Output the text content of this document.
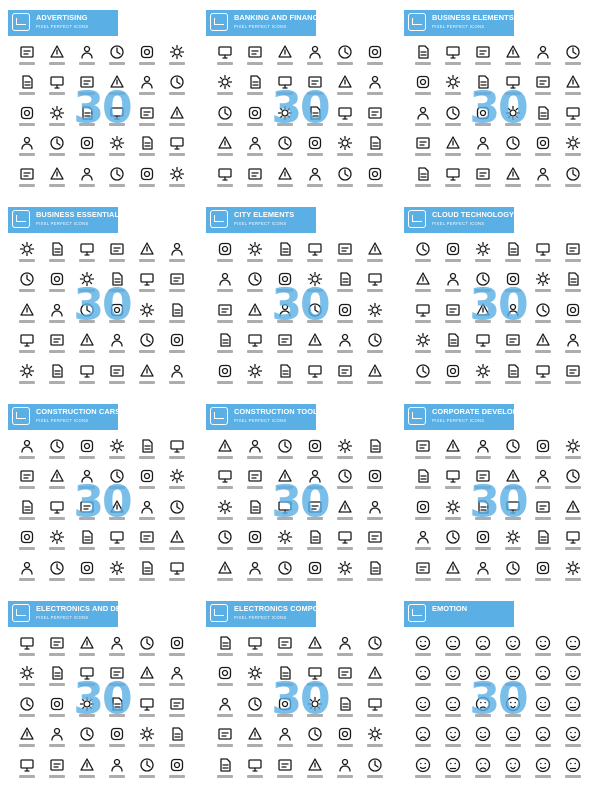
ADVERTISING
PIXEL PERFECT ICONS
30
BANKING AND FINANCE
PIXEL PERFECT ICONS
30
BUSINESS ELEMENTS
PIXEL PERFECT ICONS
30
BUSINESS ESSENTIALS
PIXEL PERFECT ICONS
30
CITY ELEMENTS
PIXEL PERFECT ICONS
30
CLOUD TECHNOLOGY
PIXEL PERFECT ICONS
30
CONSTRUCTION CARS
PIXEL PERFECT ICONS
30
CONSTRUCTION TOOLS
PIXEL PERFECT ICONS
30
CORPORATE DEVELOPMENT
PIXEL PERFECT ICONS
30
ELECTRONICS AND DEVICES
PIXEL PERFECT ICONS
30
ELECTRONICS COMPONENTS
PIXEL PERFECT ICONS
30
EMOTION
30
